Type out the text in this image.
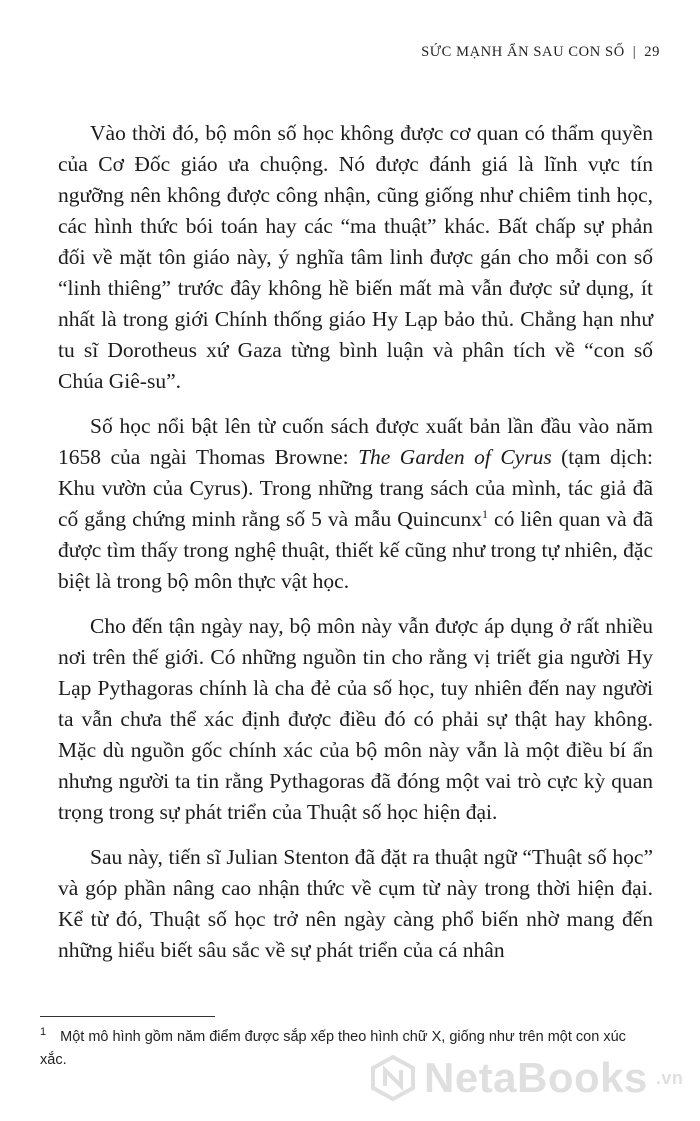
SỨC MẠNH ẨN SAU CON SỐ | 29

Vào thời đó, bộ môn số học không được cơ quan có thẩm quyền của Cơ Đốc giáo ưa chuộng. Nó được đánh giá là lĩnh vực tín ngưỡng nên không được công nhận, cũng giống như chiêm tinh học, các hình thức bói toán hay các “ma thuật” khác. Bất chấp sự phản đối về mặt tôn giáo này, ý nghĩa tâm linh được gán cho mỗi con số “linh thiêng” trước đây không hề biến mất mà vẫn được sử dụng, ít nhất là trong giới Chính thống giáo Hy Lạp bảo thủ. Chẳng hạn như tu sĩ Dorotheus xứ Gaza từng bình luận và phân tích về “con số Chúa Giê-su”.

Số học nổi bật lên từ cuốn sách được xuất bản lần đầu vào năm 1658 của ngài Thomas Browne: The Garden of Cyrus (tạm dịch: Khu vườn của Cyrus). Trong những trang sách của mình, tác giả đã cố gắng chứng minh rằng số 5 và mẫu Quincunx$^1$ có liên quan và đã được tìm thấy trong nghệ thuật, thiết kế cũng như trong tự nhiên, đặc biệt là trong bộ môn thực vật học.

Cho đến tận ngày nay, bộ môn này vẫn được áp dụng ở rất nhiều nơi trên thế giới. Có những nguồn tin cho rằng vị triết gia người Hy Lạp Pythagoras chính là cha đẻ của số học, tuy nhiên đến nay người ta vẫn chưa thể xác định được điều đó có phải sự thật hay không. Mặc dù nguồn gốc chính xác của bộ môn này vẫn là một điều bí ẩn nhưng người ta tin rằng Pythagoras đã đóng một vai trò cực kỳ quan trọng trong sự phát triển của Thuật số học hiện đại.

Sau này, tiến sĩ Julian Stenton đã đặt ra thuật ngữ “Thuật số học” và góp phần nâng cao nhận thức về cụm từ này trong thời hiện đại. Kể từ đó, Thuật số học trở nên ngày càng phổ biến nhờ mang đến những hiểu biết sâu sắc về sự phát triển của cá nhân

$^1$ Một mô hình gồm năm điểm được sắp xếp theo hình chữ X, giống như trên một con xúc xắc.	NetaBooks .vn
